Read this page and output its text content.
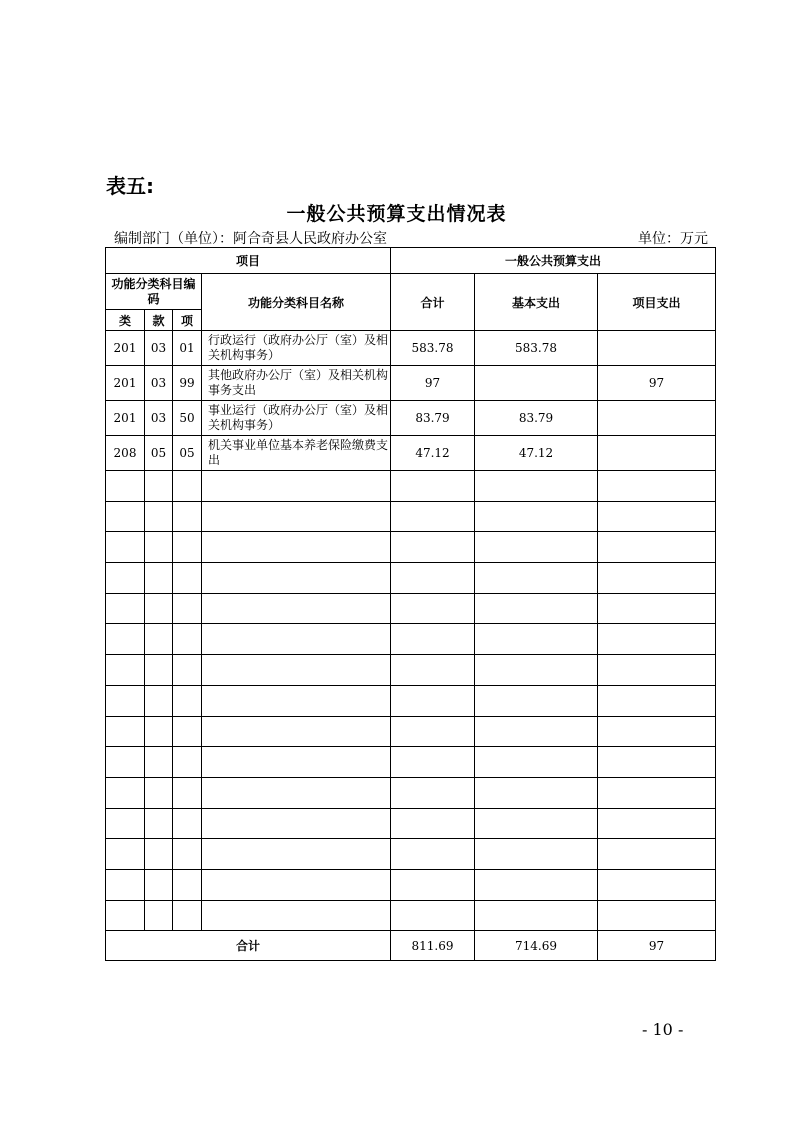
表五:
一般公共预算支出情况表
编制部门（单位）：阿合奇县人民政府办公室	单位：万元
项目				一般公共预算支出		
功能分类科目编码			功能分类科目名称	合计	基本支出	项目支出
类	款	项				
201	03	01	行政运行（政府办公厅（室）及相关机构事务）	583.78	583.78	
201	03	99	其他政府办公厅（室）及相关机构事务支出	97		97
201	03	50	事业运行（政府办公厅（室）及相关机构事务）	83.79	83.79	
208	05	05	机关事业单位基本养老保险缴费支出	47.12	47.12	

合计				811.69	714.69	97
- 10 -
